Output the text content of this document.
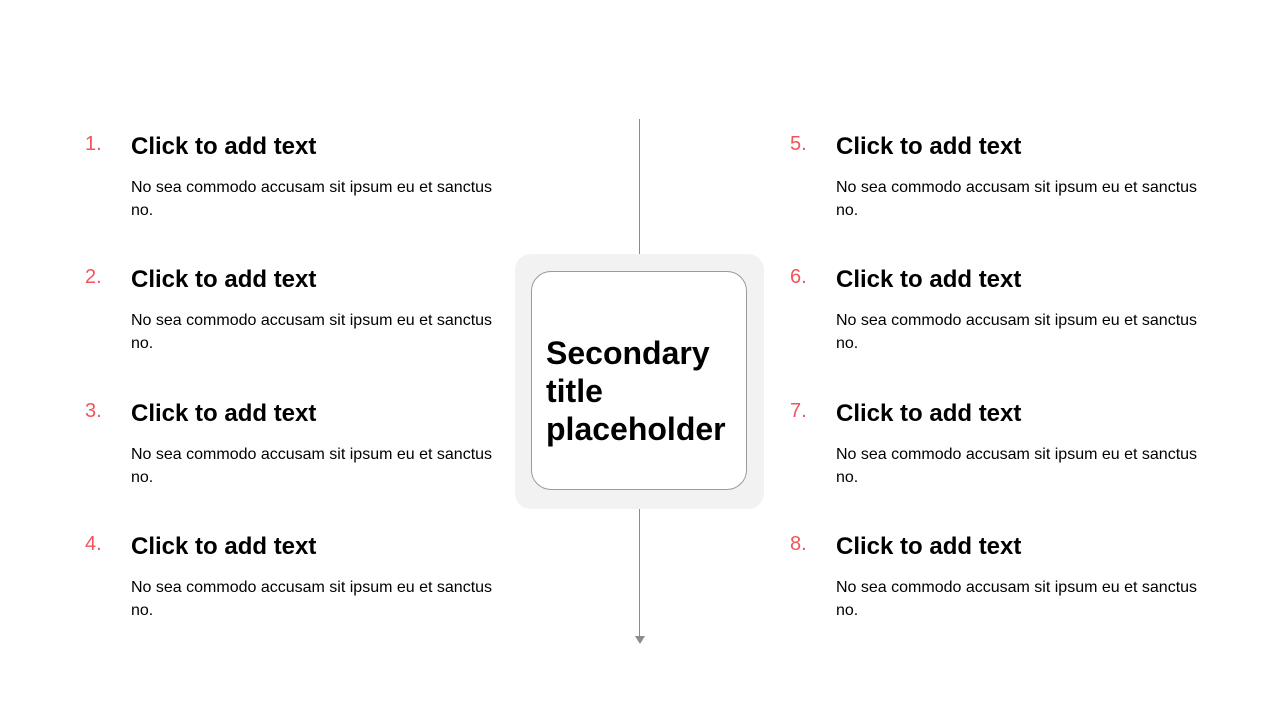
Secondary title placeholder

1. Click to add text
No sea commodo accusam sit ipsum eu et sanctus no.
2. Click to add text
No sea commodo accusam sit ipsum eu et sanctus no.
3. Click to add text
No sea commodo accusam sit ipsum eu et sanctus no.
4. Click to add text
No sea commodo accusam sit ipsum eu et sanctus no.
5. Click to add text
No sea commodo accusam sit ipsum eu et sanctus no.
6. Click to add text
No sea commodo accusam sit ipsum eu et sanctus no.
7. Click to add text
No sea commodo accusam sit ipsum eu et sanctus no.
8. Click to add text
No sea commodo accusam sit ipsum eu et sanctus no.
